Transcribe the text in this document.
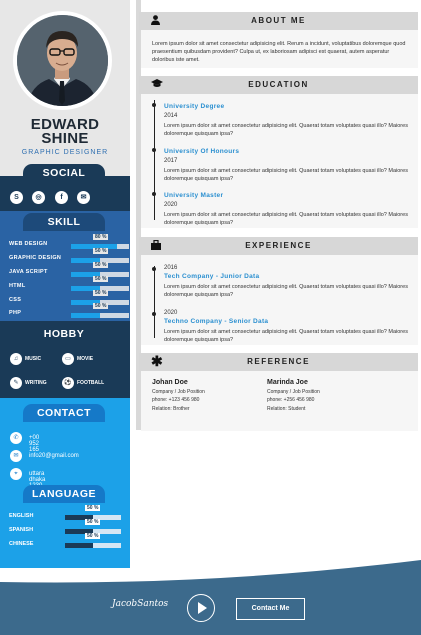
EDWARD
SHINE
GRAPHIC DESIGNER
SOCIAL
S	◎	f	✉
SKILL
WEB DESIGN
80 %
GRAPHIC DESIGN
50 %
JAVA SCRIPT
50 %
HTML
50 %
CSS
50 %
PHP
50 %
HOBBY
♫	MUSIC	▭	MOVIE
✎	WRITING	⚽	FOOTBALL
CONTACT
✆	+00 952 165
✉	info20@gmail.com
⌖	uttara dhaka
LANGUAGE
ENGLISH
50 %
SPANISH
50 %
CHINESE
50 %
ABOUT ME
Lorem ipsum dolor sit amet consectetur adipisicing elit. Rerum a incidunt, voluptatibus doloremque quod praesentium quibusdam provident? Culpa ut, ex laboriosam adipisci est quaerat, autem asperatur doloribus iste amet.
EDUCATION
University Degree
2014
Lorem ipsum dolor sit amet consectetur adipisicing elit. Quaerat totam voluptates quasi illo? Maiores doloremque quisquam ipsa?
University Of Honours
2017
Lorem ipsum dolor sit amet consectetur adipisicing elit. Quaerat totam voluptates quasi illo? Maiores doloremque quisquam ipsa?
University Master
2020
Lorem ipsum dolor sit amet consectetur adipisicing elit. Quaerat totam voluptates quasi illo? Maiores doloremque quisquam ipsa?
EXPERIENCE
2016
Tech Company - Junior Data
Lorem ipsum dolor sit amet consectetur adipisicing elit. Quaerat totam voluptates quasi illo? Maiores doloremque quisquam ipsa?
2020
Techno Company - Senior Data
Lorem ipsum dolor sit amet consectetur adipisicing elit. Quaerat totam voluptates quasi illo? Maiores doloremque quisquam ipsa?
✱	REFERENCE
Johan Doe
Company / Job Position
phone: +123 456 980
Relation: Brother
Marinda Joe
Company / Job Position
phone: +256 456 980
Relation: Student
JacobSantos	Contact Me
